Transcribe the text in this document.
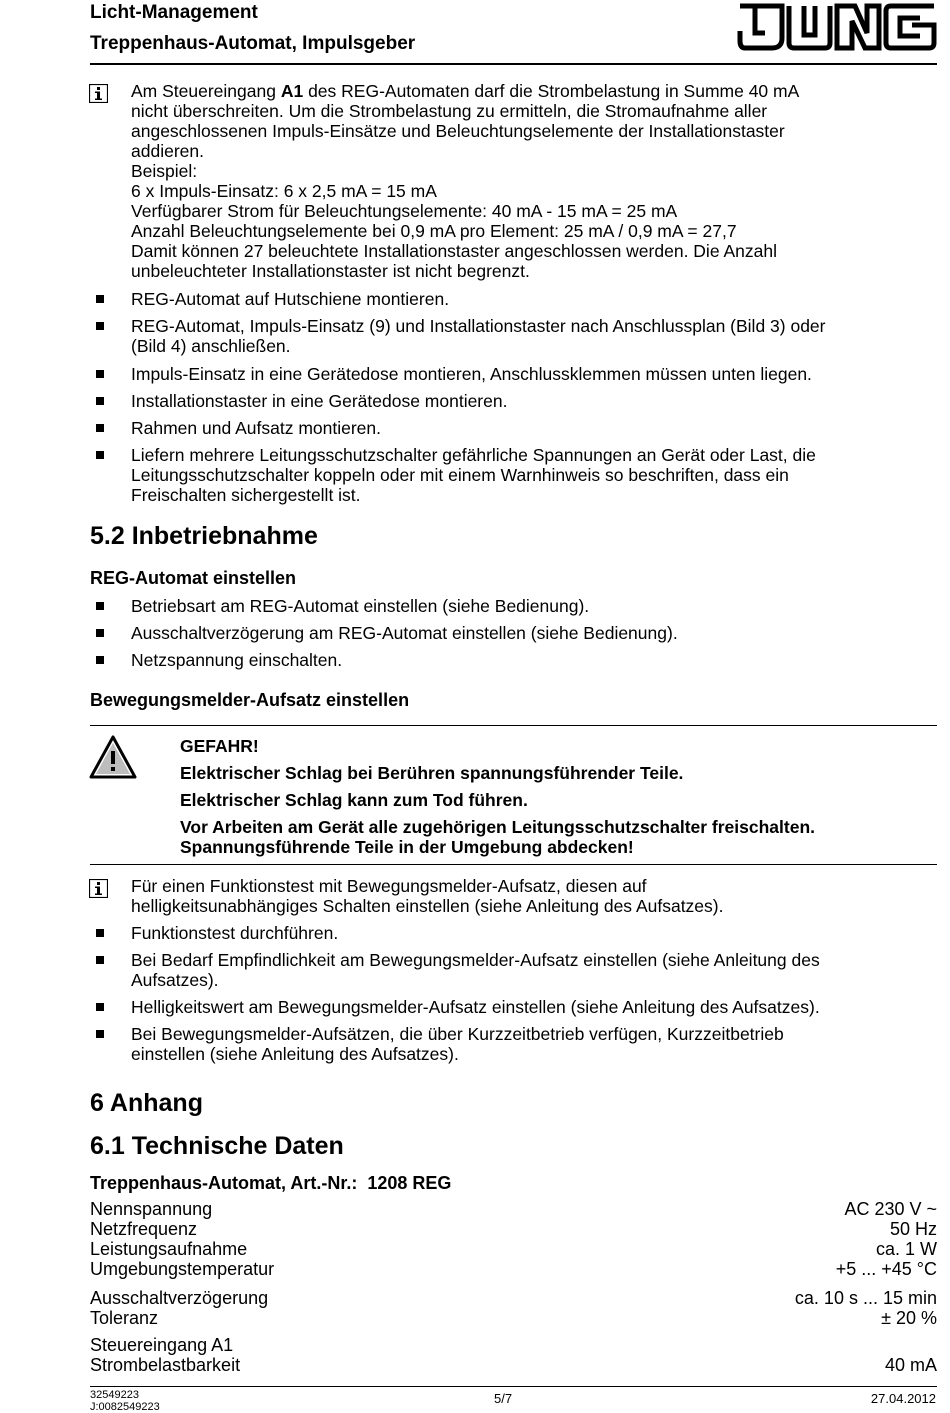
Licht-Management
Treppenhaus-Automat, Impulsgeber
Am Steuereingang A1 des REG-Automaten darf die Strombelastung in Summe 40 mA
nicht überschreiten. Um die Strombelastung zu ermitteln, die Stromaufnahme aller
angeschlossenen Impuls-Einsätze und Beleuchtungselemente der Installationstaster
addieren.
Beispiel:
6 x Impuls-Einsatz: 6 x 2,5 mA = 15 mA
Verfügbarer Strom für Beleuchtungselemente: 40 mA - 15 mA = 25 mA
Anzahl Beleuchtungselemente bei 0,9 mA pro Element: 25 mA / 0,9 mA = 27,7
Damit können 27 beleuchtete Installationstaster angeschlossen werden. Die Anzahl
unbeleuchteter Installationstaster ist nicht begrenzt.
REG-Automat auf Hutschiene montieren.
REG-Automat, Impuls-Einsatz (9) und Installationstaster nach Anschlussplan (Bild 3) oder
(Bild 4) anschließen.
Impuls-Einsatz in eine Gerätedose montieren, Anschlussklemmen müssen unten liegen.
Installationstaster in eine Gerätedose montieren.
Rahmen und Aufsatz montieren.
Liefern mehrere Leitungsschutzschalter gefährliche Spannungen an Gerät oder Last, die
Leitungsschutzschalter koppeln oder mit einem Warnhinweis so beschriften, dass ein
Freischalten sichergestellt ist.
5.2 Inbetriebnahme
REG-Automat einstellen
Betriebsart am REG-Automat einstellen (siehe Bedienung).
Ausschaltverzögerung am REG-Automat einstellen (siehe Bedienung).
Netzspannung einschalten.
Bewegungsmelder-Aufsatz einstellen
GEFAHR!
Elektrischer Schlag bei Berühren spannungsführender Teile.
Elektrischer Schlag kann zum Tod führen.
Vor Arbeiten am Gerät alle zugehörigen Leitungsschutzschalter freischalten.
Spannungsführende Teile in der Umgebung abdecken!
Für einen Funktionstest mit Bewegungsmelder-Aufsatz, diesen auf
helligkeitsunabhängiges Schalten einstellen (siehe Anleitung des Aufsatzes).
Funktionstest durchführen.
Bei Bedarf Empfindlichkeit am Bewegungsmelder-Aufsatz einstellen (siehe Anleitung des
Aufsatzes).
Helligkeitswert am Bewegungsmelder-Aufsatz einstellen (siehe Anleitung des Aufsatzes).
Bei Bewegungsmelder-Aufsätzen, die über Kurzzeitbetrieb verfügen, Kurzzeitbetrieb
einstellen (siehe Anleitung des Aufsatzes).
6 Anhang
6.1 Technische Daten
Treppenhaus-Automat, Art.-Nr.:  1208 REG
Nennspannung	AC 230 V ~
Netzfrequenz	50 Hz
Leistungsaufnahme	ca. 1 W
Umgebungstemperatur	+5 ... +45 °C
Ausschaltverzögerung	ca. 10 s ... 15 min
Toleranz	± 20 %
Steuereingang A1
Strombelastbarkeit	40 mA
32549223
J:0082549223
5/7	27.04.2012
